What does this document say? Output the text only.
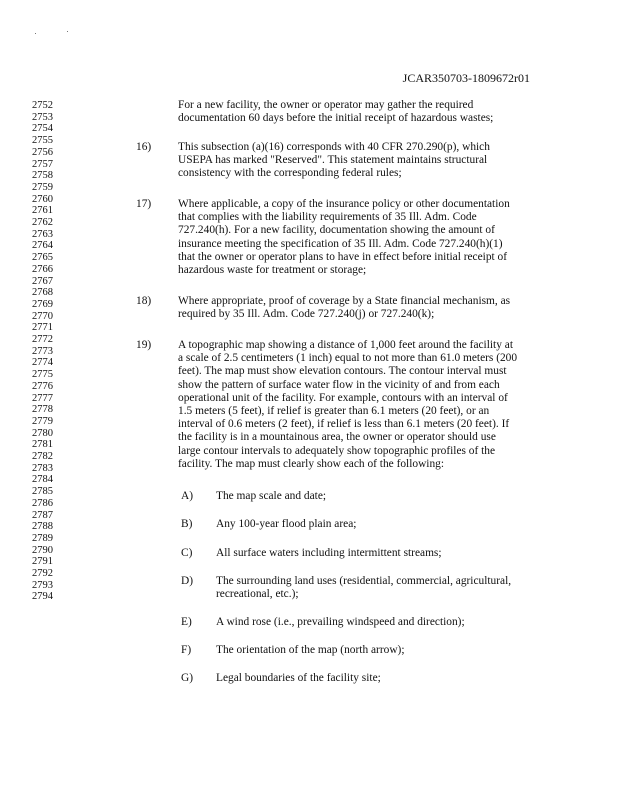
JCAR350703-1809672r01
2752
2753
2754
2755
2756
2757
2758
2759
2760
2761
2762
2763
2764
2765
2766
2767
2768
2769
2770
2771
2772
2773
2774
2775
2776
2777
2778
2779
2780
2781
2782
2783
2784
2785
2786
2787
2788
2789
2790
2791
2792
2793
2794
For a new facility, the owner or operator may gather the required
documentation 60 days before the initial receipt of hazardous wastes;
16) This subsection (a)(16) corresponds with 40 CFR 270.290(p), which
USEPA has marked "Reserved". This statement maintains structural
consistency with the corresponding federal rules;
17) Where applicable, a copy of the insurance policy or other documentation
that complies with the liability requirements of 35 Ill. Adm. Code
727.240(h). For a new facility, documentation showing the amount of
insurance meeting the specification of 35 Ill. Adm. Code 727.240(h)(1)
that the owner or operator plans to have in effect before initial receipt of
hazardous waste for treatment or storage;
18) Where appropriate, proof of coverage by a State financial mechanism, as
required by 35 Ill. Adm. Code 727.240(j) or 727.240(k);
19) A topographic map showing a distance of 1,000 feet around the facility at
a scale of 2.5 centimeters (1 inch) equal to not more than 61.0 meters (200
feet). The map must show elevation contours. The contour interval must
show the pattern of surface water flow in the vicinity of and from each
operational unit of the facility. For example, contours with an interval of
1.5 meters (5 feet), if relief is greater than 6.1 meters (20 feet), or an
interval of 0.6 meters (2 feet), if relief is less than 6.1 meters (20 feet). If
the facility is in a mountainous area, the owner or operator should use
large contour intervals to adequately show topographic profiles of the
facility. The map must clearly show each of the following:
A) The map scale and date;
B) Any 100-year flood plain area;
C) All surface waters including intermittent streams;
D) The surrounding land uses (residential, commercial, agricultural,
recreational, etc.);
E) A wind rose (i.e., prevailing windspeed and direction);
F) The orientation of the map (north arrow);
G) Legal boundaries of the facility site;
